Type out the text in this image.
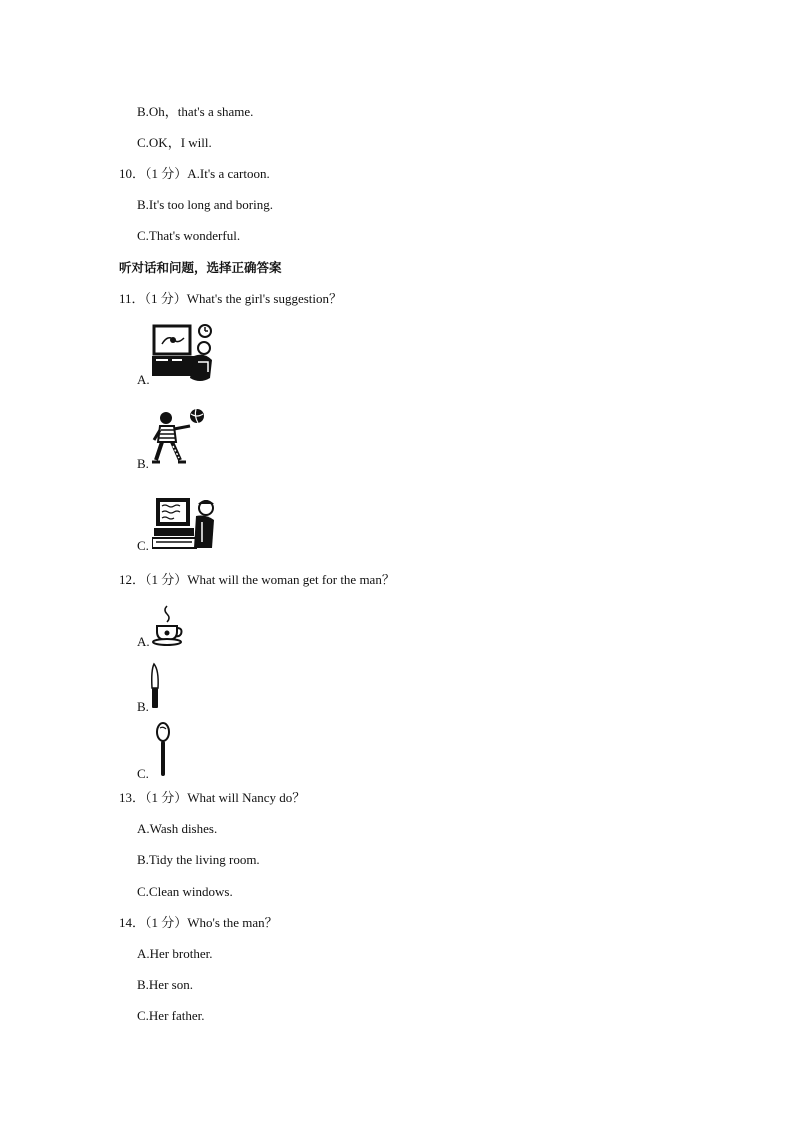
B.Oh，that's a shame.
C.OK，I will.
10．（1 分）A.It's a cartoon.
B.It's too long and boring.
C.That's wonderful.
听对话和问题，选择正确答案
11．（1 分）What's the girl's suggestion？
A.
B.
C.
12．（1 分）What will the woman get for the man？
A.
B.
C.
13．（1 分）What will Nancy do？
A.Wash dishes.
B.Tidy the living room.
C.Clean windows.
14．（1 分）Who's the man？
A.Her brother.
B.Her son.
C.Her father.
